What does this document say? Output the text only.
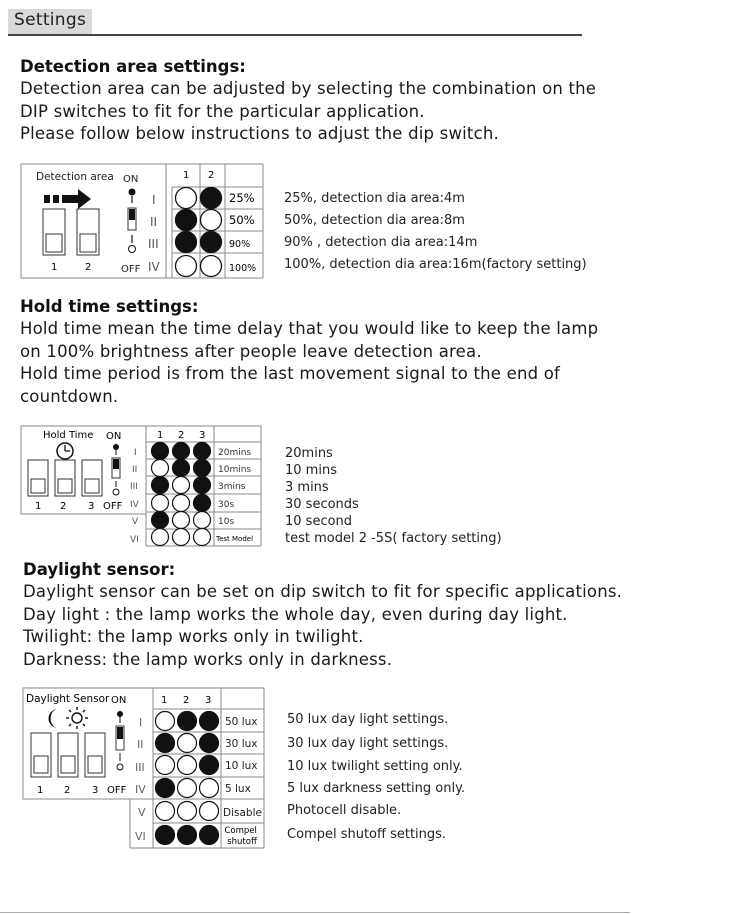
Settings
Detection area settings:
Detection area can be adjusted by selecting the combination on the
DIP switches to fit for the particular application.
Please follow below instructions to adjust the dip switch.
Detection area ON
OFF
1	2
1 2
I
II
III
IV
25%
50%
90%
100%
25%, detection dia area:4m
50%, detection dia area:8m
90% , detection dia area:14m
100%, detection dia area:16m(factory setting)
Hold time settings:
Hold time mean the time delay that you would like to keep the lamp
on 100% brightness after people leave detection area.
Hold time period is from the last movement signal to the end of
countdown.
Hold Time ON
OFF
1 2 3
1 2 3
I
II
III
IV
V
VI
20mins
10mins
3mins
30s
10s
Test Model
20mins
10 mins
3 mins
30 seconds
10 second
test model 2 -5S( factory setting)
Daylight sensor:
Daylight sensor can be set on dip switch to fit for specific applications.
Day light : the lamp works the whole day, even during day light.
Twilight: the lamp works only in twilight.
Darkness: the lamp works only in darkness.
Daylight Sensor ON
OFF
1 2 3
1 2 3
I
II
III
IV
V
VI
50 lux
30 lux
10 lux
5 lux
Disable
Compel shutoff
50 lux day light settings.
30 lux day light settings.
10 lux twilight setting only.
5 lux darkness setting only.
Photocell disable.
Compel shutoff settings.
